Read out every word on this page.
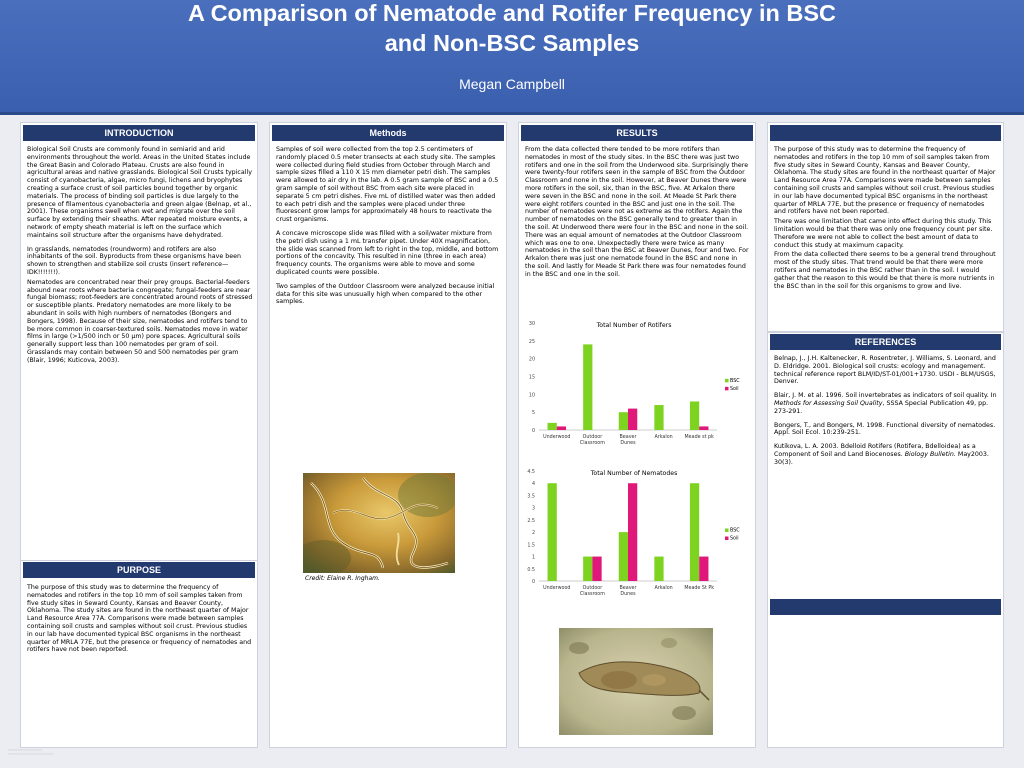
A Comparison of Nematode and Rotifer Frequency in BSC
and Non-BSC Samples
Megan Campbell
INTRODUCTION

Biological Soil Crusts are commonly found in semiarid and arid environments throughout the world. Areas in the United States include the Great Basin and Colorado Plateau. Crusts are also found in agricultural areas and native grasslands. Biological Soil Crusts typically consist of cyanobacteria, algae, micro fungi, lichens and bryophytes creating a surface crust of soil particles bound together by organic materials. The process of binding soil particles is due largely to the presence of filamentous cyanobacteria and green algae (Belnap, et al., 2001). These organisms swell when wet and migrate over the soil surface by extending their sheaths. After repeated moisture events, a network of empty sheath material is left on the surface which maintains soil structure after the organisms have dehydrated.

In grasslands, nematodes (roundworm) and rotifers are also inhabitants of the soil. Byproducts from these organisms have been shown to strengthen and stabilize soil crusts (insert reference—IDK!!!!!!!).

Nematodes are concentrated near their prey groups. Bacterial-feeders abound near roots where bacteria congregate; fungal-feeders are near fungal biomass; root-feeders are concentrated around roots of stressed or susceptible plants. Predatory nematodes are more likely to be abundant in soils with high numbers of nematodes (Bongers and Bongers, 1998). Because of their size, nematodes and rotifers tend to be more common in coarser-textured soils. Nematodes move in water films in large (>1/500 inch or 50 µm) pore spaces. Agricultural soils generally support less than 100 nematodes per gram of soil. Grasslands may contain between 50 and 500 nematodes per gram (Blair, 1996; Kuticova, 2003).

PURPOSE

The purpose of this study was to determine the frequency of nematodes and rotifers in the top 10 mm of soil samples taken from five study sites in Seward County, Kansas and Beaver County, Oklahoma. The study sites are found in the northeast quarter of Major Land Resource Area 77A. Comparisons were made between samples containing soil crusts and samples without soil crust. Previous studies in our lab have documented typical BSC organisms in the northeast quarter of MRLA 77E, but the presence or frequency of nematodes and rotifers have not been reported.

Methods

Samples of soil were collected from the top 2.5 centimeters of randomly placed 0.5 meter transects at each study site. The samples were collected during field studies from October through March and sample sizes filled a 110 X 15 mm diameter petri dish. The samples were allowed to air dry in the lab. A 0.5 gram sample of BSC and a 0.5 gram sample of soil without BSC from each site were placed in separate 5 cm petri dishes. Five mL of distilled water was then added to each petri dish and the samples were placed under three fluorescent grow lamps for approximately 48 hours to reactivate the crust organisms.

A concave microscope slide was filled with a soil/water mixture from the petri dish using a 1 mL transfer pipet. Under 40X magnification, the slide was scanned from left to right in the top, middle, and bottom portions of the concavity. This resulted in nine (three in each area) frequency counts. The organisms were able to move and some duplicated counts were possible.

Two samples of the Outdoor Classroom were analyzed because initial data for this site was unusually high when compared to the other samples.

Credit: Elaine R. Ingham.
RESULTS

From the data collected there tended to be more rotifers than nematodes in most of the study sites. In the BSC there was just two rotifers and one in the soil from the Underwood site. Surprisingly there were twenty-four rotifers seen in the sample of BSC from the Outdoor Classroom and none in the soil. However, at Beaver Dunes there were more rotifers in the soil, six, than in the BSC, five. At Arkalon there were seven in the BSC and none in the soil. At Meade St Park there were eight rotifers counted in the BSC and just one in the soil. The number of nematodes were not as extreme as the rotifers. Again the number of nematodes on the BSC generally tend to greater than in the soil. At Underwood there were four in the BSC and none in the soil. There was an equal amount of nematodes at the Outdoor Classroom which was one to one. Unexpectedly there were twice as many nematodes in the soil than the BSC at Beaver Dunes, four and two. For Arkalon there was just one nematode found in the BSC and none in the soil. And lastly for Meade St Park there was four nematodes found in the BSC and one in the soil.

Total Number of Rotifers
0
5
10
15
20
25
30
Underwood	Outdoor
Classroom
Beaver
Dunes
Arkalon Meade st pk
BSC
Soil
Total Number of Nematodes
0
0.5
1
1.5
2
2.5
3
3.5
4
4.5
Underwood	Outdoor
Classroom
Beaver
Dunes
Arkalon Meade St Pk
BSC
Soil

The purpose of this study was to determine the frequency of nematodes and rotifers in the top 10 mm of soil samples taken from five study sites in Seward County, Kansas and Beaver County, Oklahoma. The study sites are found in the northeast quarter of Major Land Resource Area 77A. Comparisons were made between samples containing soil crusts and samples without soil crust. Previous studies in our lab have documented typical BSC organisms in the northeast quarter of MRLA 77E, but the presence or frequency of nematodes and rotifers have not been reported.

There was one limitation that came into effect during this study. This limitation would be that there was only one frequency count per site. Therefore we were not able to collect the best amount of data to conduct this study at maximum capacity.

From the data collected there seems to be a general trend throughout most of the study sites. That trend would be that there were more rotifers and nematodes in the BSC rather than in the soil. I would gather that the reason to this would be that there is more nutrients in the BSC than in the soil for this organisms to grow and live.

REFERENCES

Belnap, J., J.H. Kaltenecker, R. Rosentreter, J. Williams, S. Leonard, and D. Eldridge. 2001. Biological soil crusts: ecology and management. technical reference report BLM/ID/ST-01/001+1730. USDI - BLM/USGS, Denver.

Blair, J. M. et al. 1996. Soil invertebrates as indicators of soil quality. In Methods for Assessing Soil Quality, SSSA Special Publication 49, pp. 273-291.

Bongers, T., and Bongers, M. 1998. Functional diversity of nematodes. Appl. Soil Ecol. 10:239-251.

Kutikova, L. A. 2003. Bdelloid Rotifers (Rotifera, Bdelloidea) as a Component of Soil and Land Biocenoses. Biology Bulletin. May2003. 30(3).

▭▭▭▭▭▭▭▭▭▭▭▭
▭▭▭▭▭▭▭▭▭▭▭▭▭▭▭▭
